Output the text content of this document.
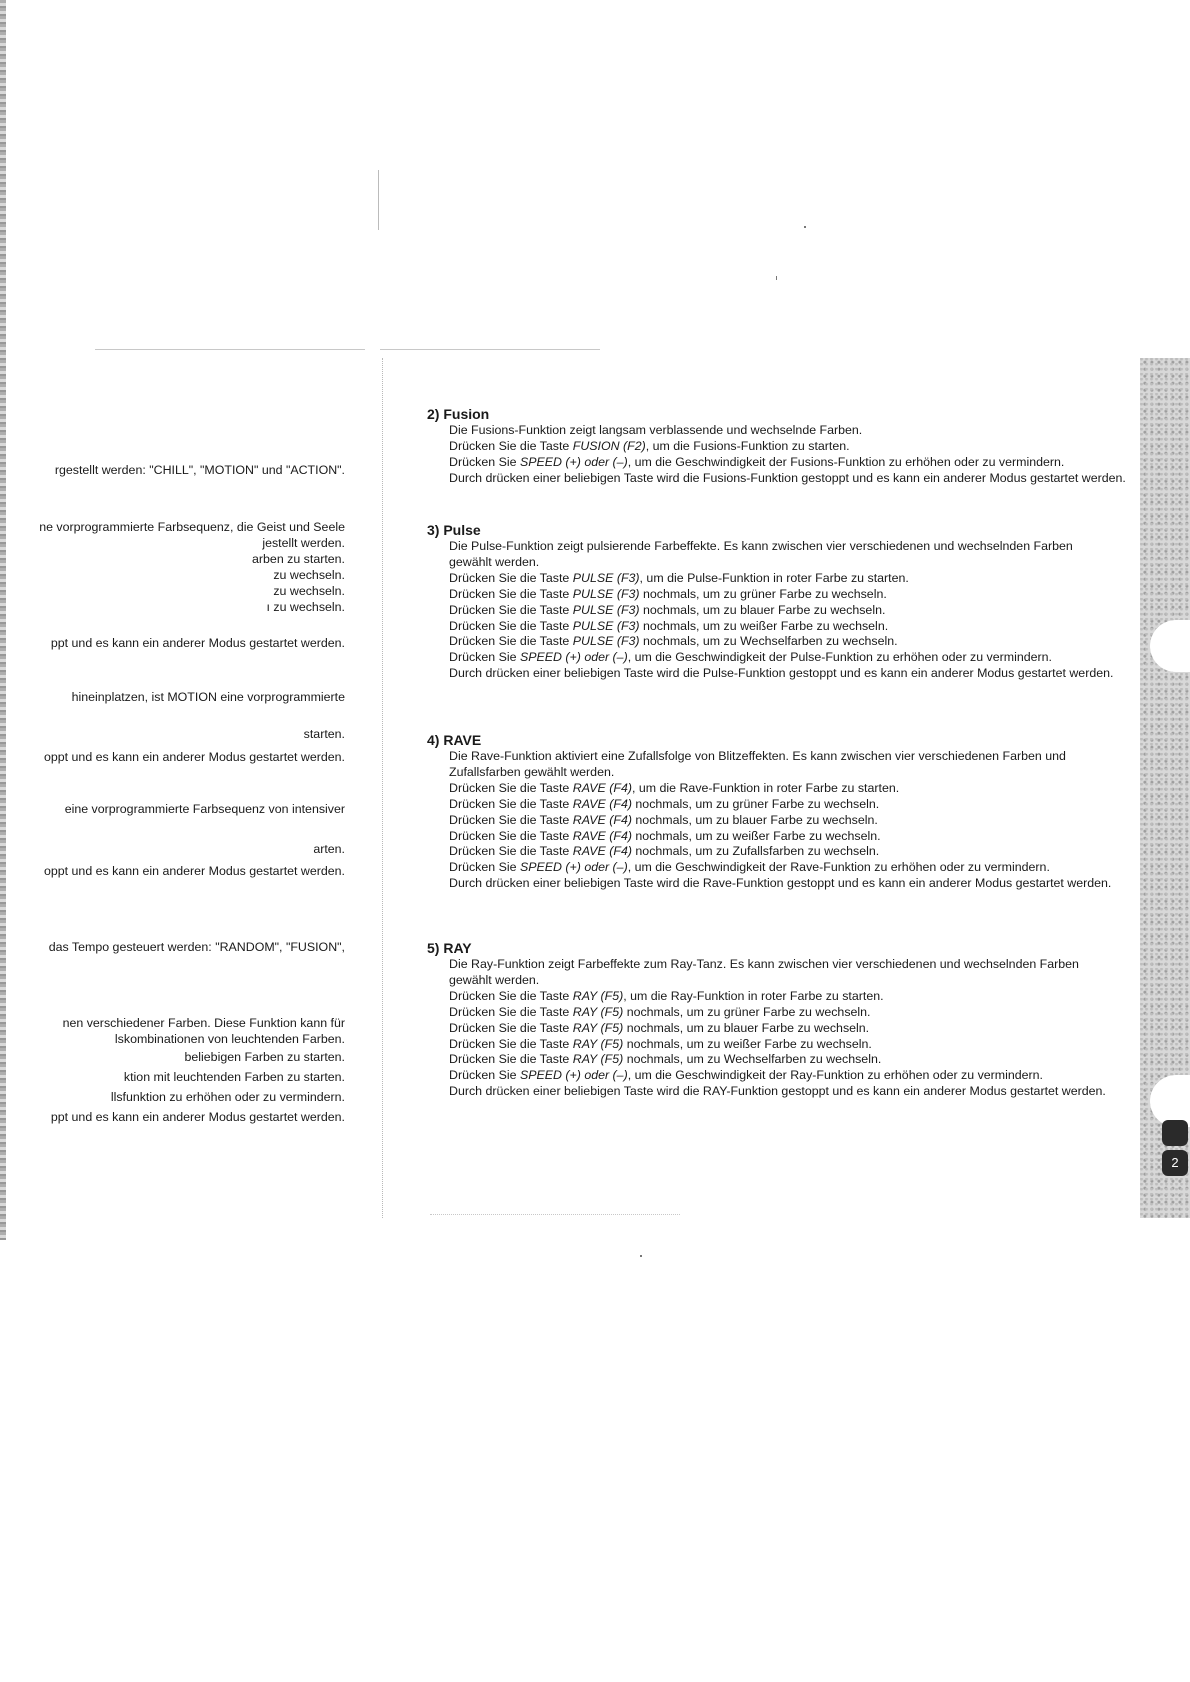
2
rgestellt werden: "CHILL", "MOTION" und "ACTION".
ne vorprogrammierte Farbsequenz, die Geist und Seele
jestellt werden.
arben zu starten.
zu wechseln.
zu wechseln.
ı zu wechseln.
ppt und es kann ein anderer Modus gestartet werden.
hineinplatzen, ist MOTION eine vorprogrammierte
starten.
oppt und es kann ein anderer Modus gestartet werden.
eine vorprogrammierte Farbsequenz von intensiver
arten.
oppt und es kann ein anderer Modus gestartet werden.
das Tempo gesteuert werden: "RANDOM", "FUSION",
nen verschiedener Farben. Diese Funktion kann für
lskombinationen von leuchtenden Farben.
beliebigen Farben zu starten.
ktion mit leuchtenden Farben zu starten.
llsfunktion zu erhöhen oder zu vermindern.
ppt und es kann ein anderer Modus gestartet werden.
2) Fusion
Die Fusions-Funktion zeigt langsam verblassende und wechselnde Farben.
Drücken Sie die Taste FUSION (F2), um die Fusions-Funktion zu starten.
Drücken Sie SPEED (+) oder (–), um die Geschwindigkeit der Fusions-Funktion zu erhöhen oder zu vermindern.
Durch drücken einer beliebigen Taste wird die Fusions-Funktion gestoppt und es kann ein anderer Modus gestartet werden.
3) Pulse
Die Pulse-Funktion zeigt pulsierende Farbeffekte. Es kann zwischen vier verschiedenen und wechselnden Farben gewählt werden.
Drücken Sie die Taste PULSE (F3), um die Pulse-Funktion in roter Farbe zu starten.
Drücken Sie die Taste PULSE (F3) nochmals, um zu grüner Farbe zu wechseln.
Drücken Sie die Taste PULSE (F3) nochmals, um zu blauer Farbe zu wechseln.
Drücken Sie die Taste PULSE (F3) nochmals, um zu weißer Farbe zu wechseln.
Drücken Sie die Taste PULSE (F3) nochmals, um zu Wechselfarben zu wechseln.
Drücken Sie SPEED (+) oder (–), um die Geschwindigkeit der Pulse-Funktion zu erhöhen oder zu vermindern.
Durch drücken einer beliebigen Taste wird die Pulse-Funktion gestoppt und es kann ein anderer Modus gestartet werden.
4) RAVE
Die Rave-Funktion aktiviert eine Zufallsfolge von Blitzeffekten. Es kann zwischen vier verschiedenen Farben und Zufallsfarben gewählt werden.
Drücken Sie die Taste RAVE (F4), um die Rave-Funktion in roter Farbe zu starten.
Drücken Sie die Taste RAVE (F4) nochmals, um zu grüner Farbe zu wechseln.
Drücken Sie die Taste RAVE (F4) nochmals, um zu blauer Farbe zu wechseln.
Drücken Sie die Taste RAVE (F4) nochmals, um zu weißer Farbe zu wechseln.
Drücken Sie die Taste RAVE (F4) nochmals, um zu Zufallsfarben zu wechseln.
Drücken Sie SPEED (+) oder (–), um die Geschwindigkeit der Rave-Funktion zu erhöhen oder zu vermindern.
Durch drücken einer beliebigen Taste wird die Rave-Funktion gestoppt und es kann ein anderer Modus gestartet werden.
5) RAY
Die Ray-Funktion zeigt Farbeffekte zum Ray-Tanz. Es kann zwischen vier verschiedenen und wechselnden Farben gewählt werden.
Drücken Sie die Taste RAY (F5), um die Ray-Funktion in roter Farbe zu starten.
Drücken Sie die Taste RAY (F5) nochmals, um zu grüner Farbe zu wechseln.
Drücken Sie die Taste RAY (F5) nochmals, um zu blauer Farbe zu wechseln.
Drücken Sie die Taste RAY (F5) nochmals, um zu weißer Farbe zu wechseln.
Drücken Sie die Taste RAY (F5) nochmals, um zu Wechselfarben zu wechseln.
Drücken Sie SPEED (+) oder (–), um die Geschwindigkeit der Ray-Funktion zu erhöhen oder zu vermindern.
Durch drücken einer beliebigen Taste wird die RAY-Funktion gestoppt und es kann ein anderer Modus gestartet werden.
